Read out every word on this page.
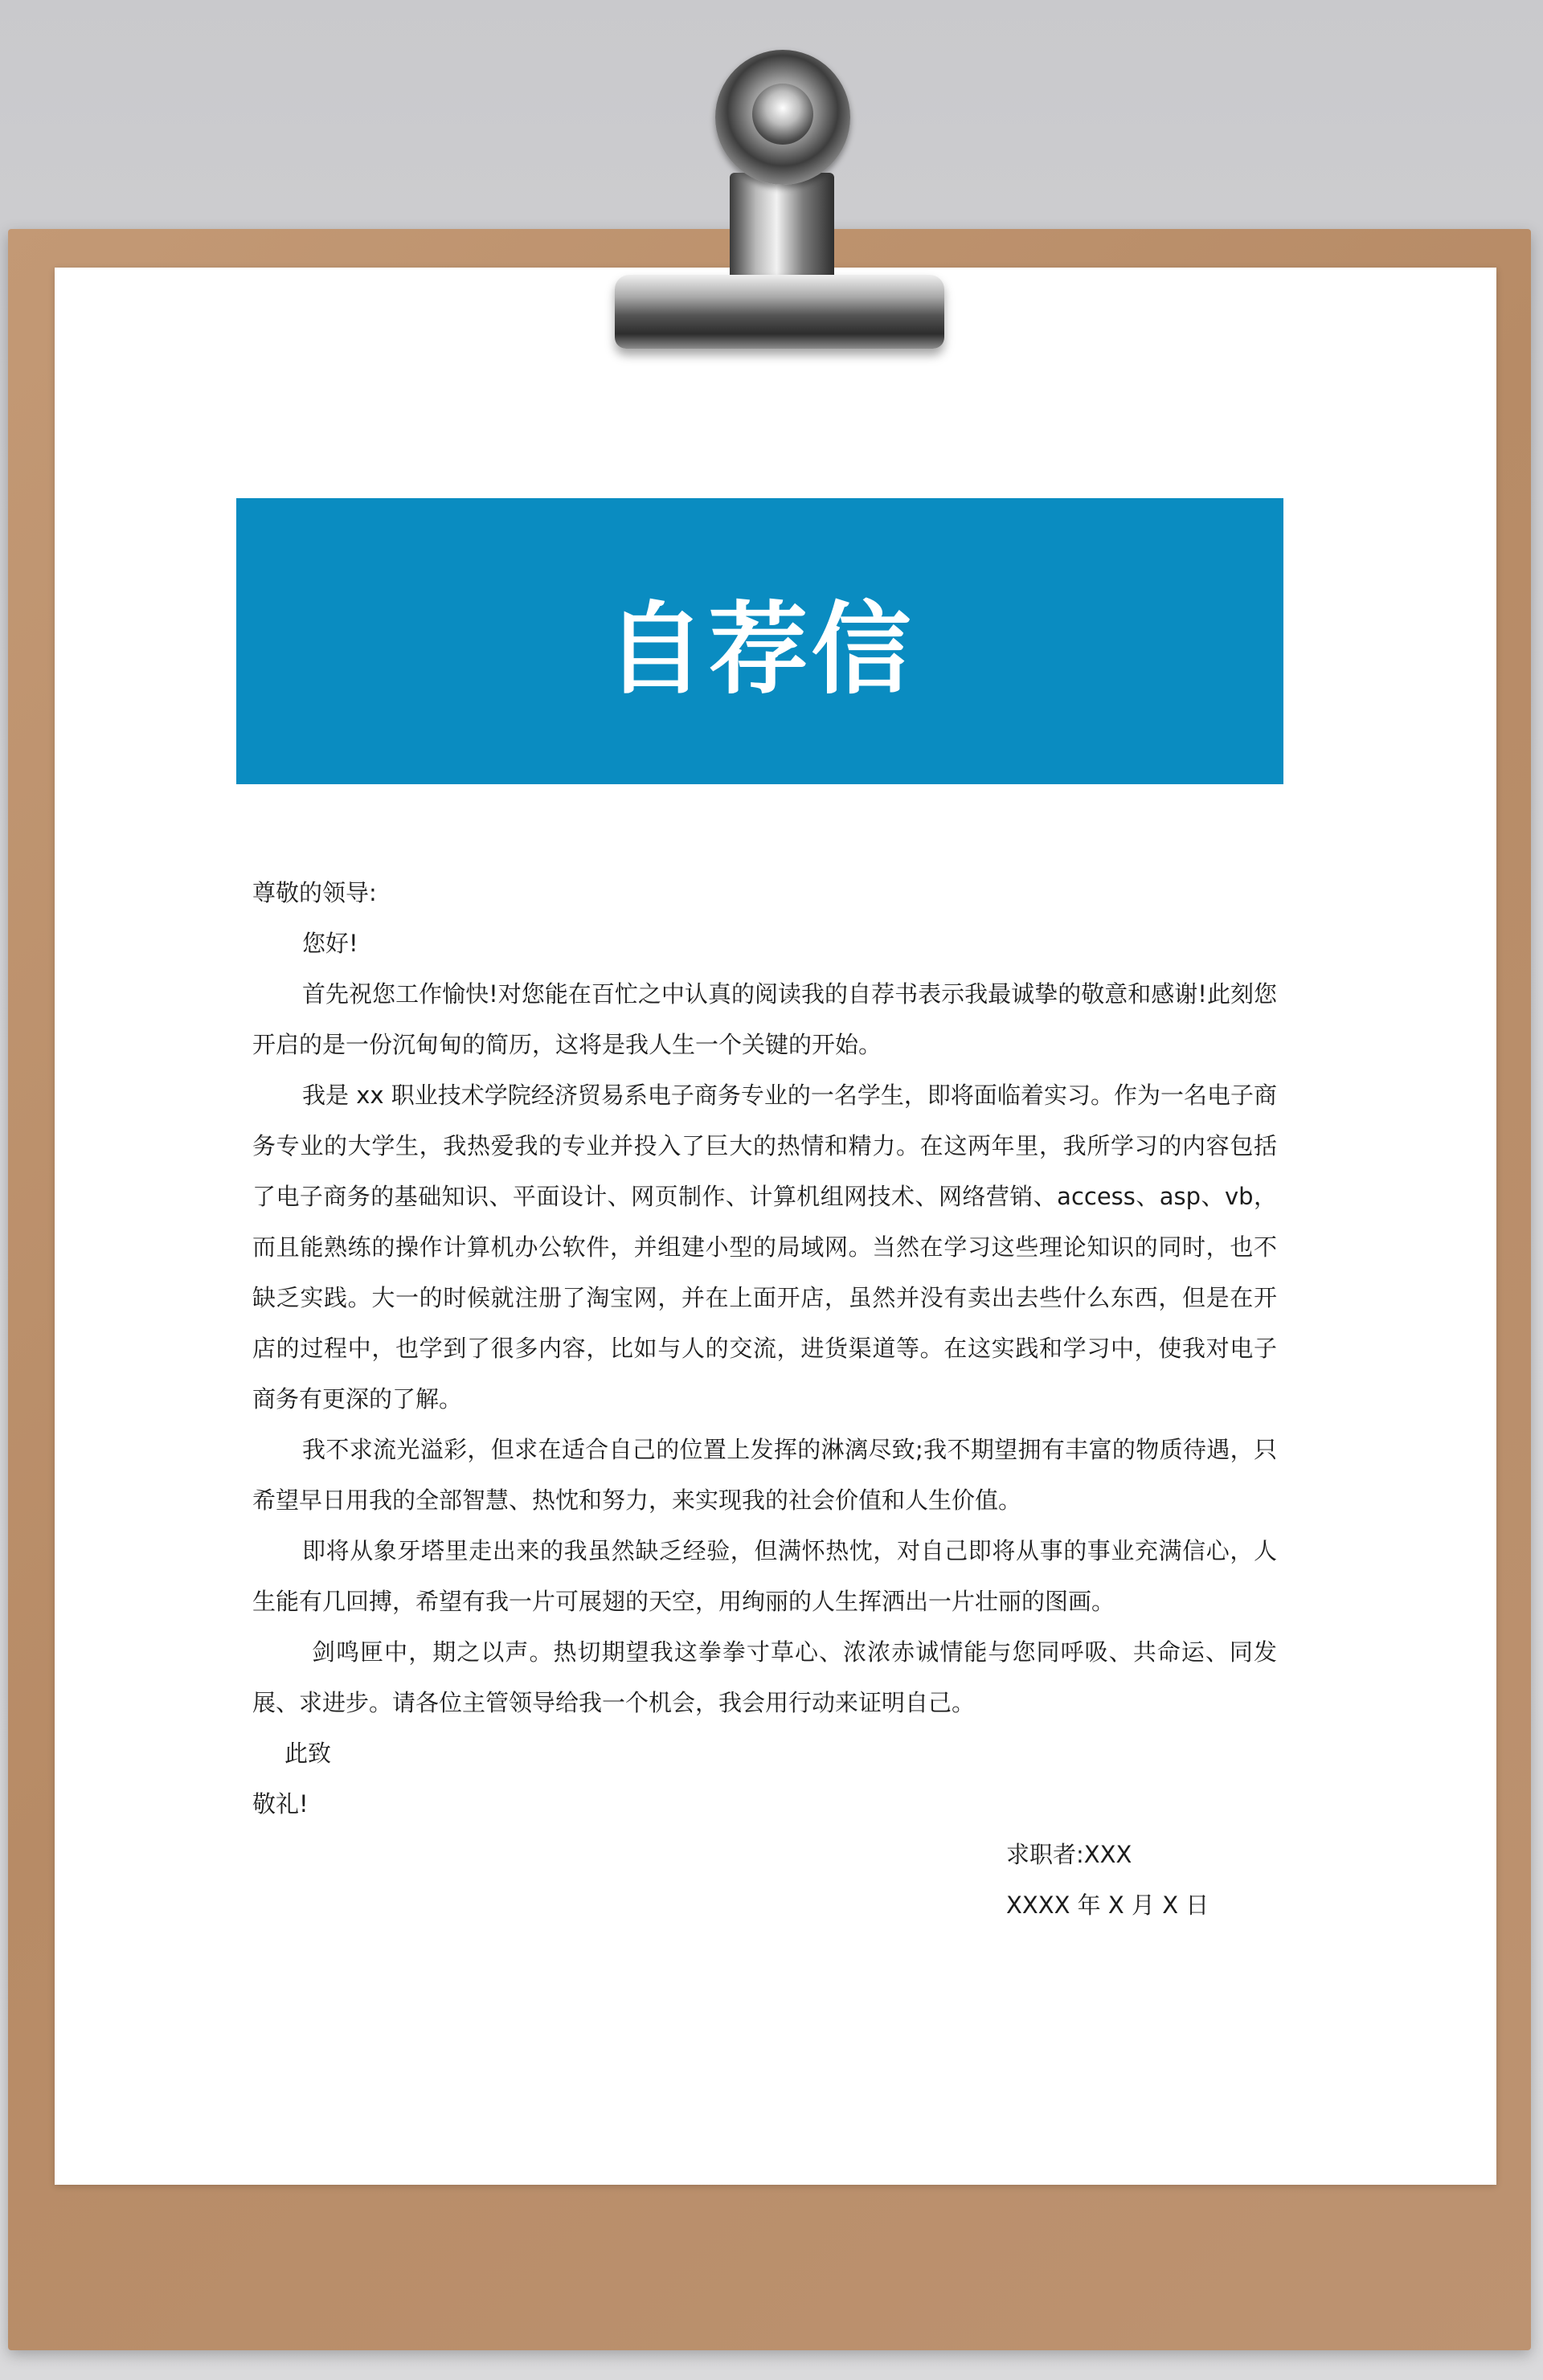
自荐信

尊敬的领导:

您好!

首先祝您工作愉快!对您能在百忙之中认真的阅读我的自荐书表示我最诚挚的敬意和感谢!此刻您开启的是一份沉甸甸的简历，这将是我人生一个关键的开始。

我是 xx 职业技术学院经济贸易系电子商务专业的一名学生，即将面临着实习。作为一名电子商务专业的大学生，我热爱我的专业并投入了巨大的热情和精力。在这两年里，我所学习的内容包括了电子商务的基础知识、平面设计、网页制作、计算机组网技术、网络营销、access、asp、vb，而且能熟练的操作计算机办公软件，并组建小型的局域网。当然在学习这些理论知识的同时，也不缺乏实践。大一的时候就注册了淘宝网，并在上面开店，虽然并没有卖出去些什么东西，但是在开店的过程中，也学到了很多内容，比如与人的交流，进货渠道等。在这实践和学习中，使我对电子商务有更深的了解。

我不求流光溢彩，但求在适合自己的位置上发挥的淋漓尽致;我不期望拥有丰富的物质待遇，只希望早日用我的全部智慧、热忱和努力，来实现我的社会价值和人生价值。

即将从象牙塔里走出来的我虽然缺乏经验，但满怀热忱，对自己即将从事的事业充满信心，人生能有几回搏，希望有我一片可展翅的天空，用绚丽的人生挥洒出一片壮丽的图画。

剑鸣匣中，期之以声。热切期望我这拳拳寸草心、浓浓赤诚情能与您同呼吸、共命运、同发展、求进步。请各位主管领导给我一个机会，我会用行动来证明自己。

此致

敬礼!

求职者:XXX

XXXX 年 X 月 X 日
